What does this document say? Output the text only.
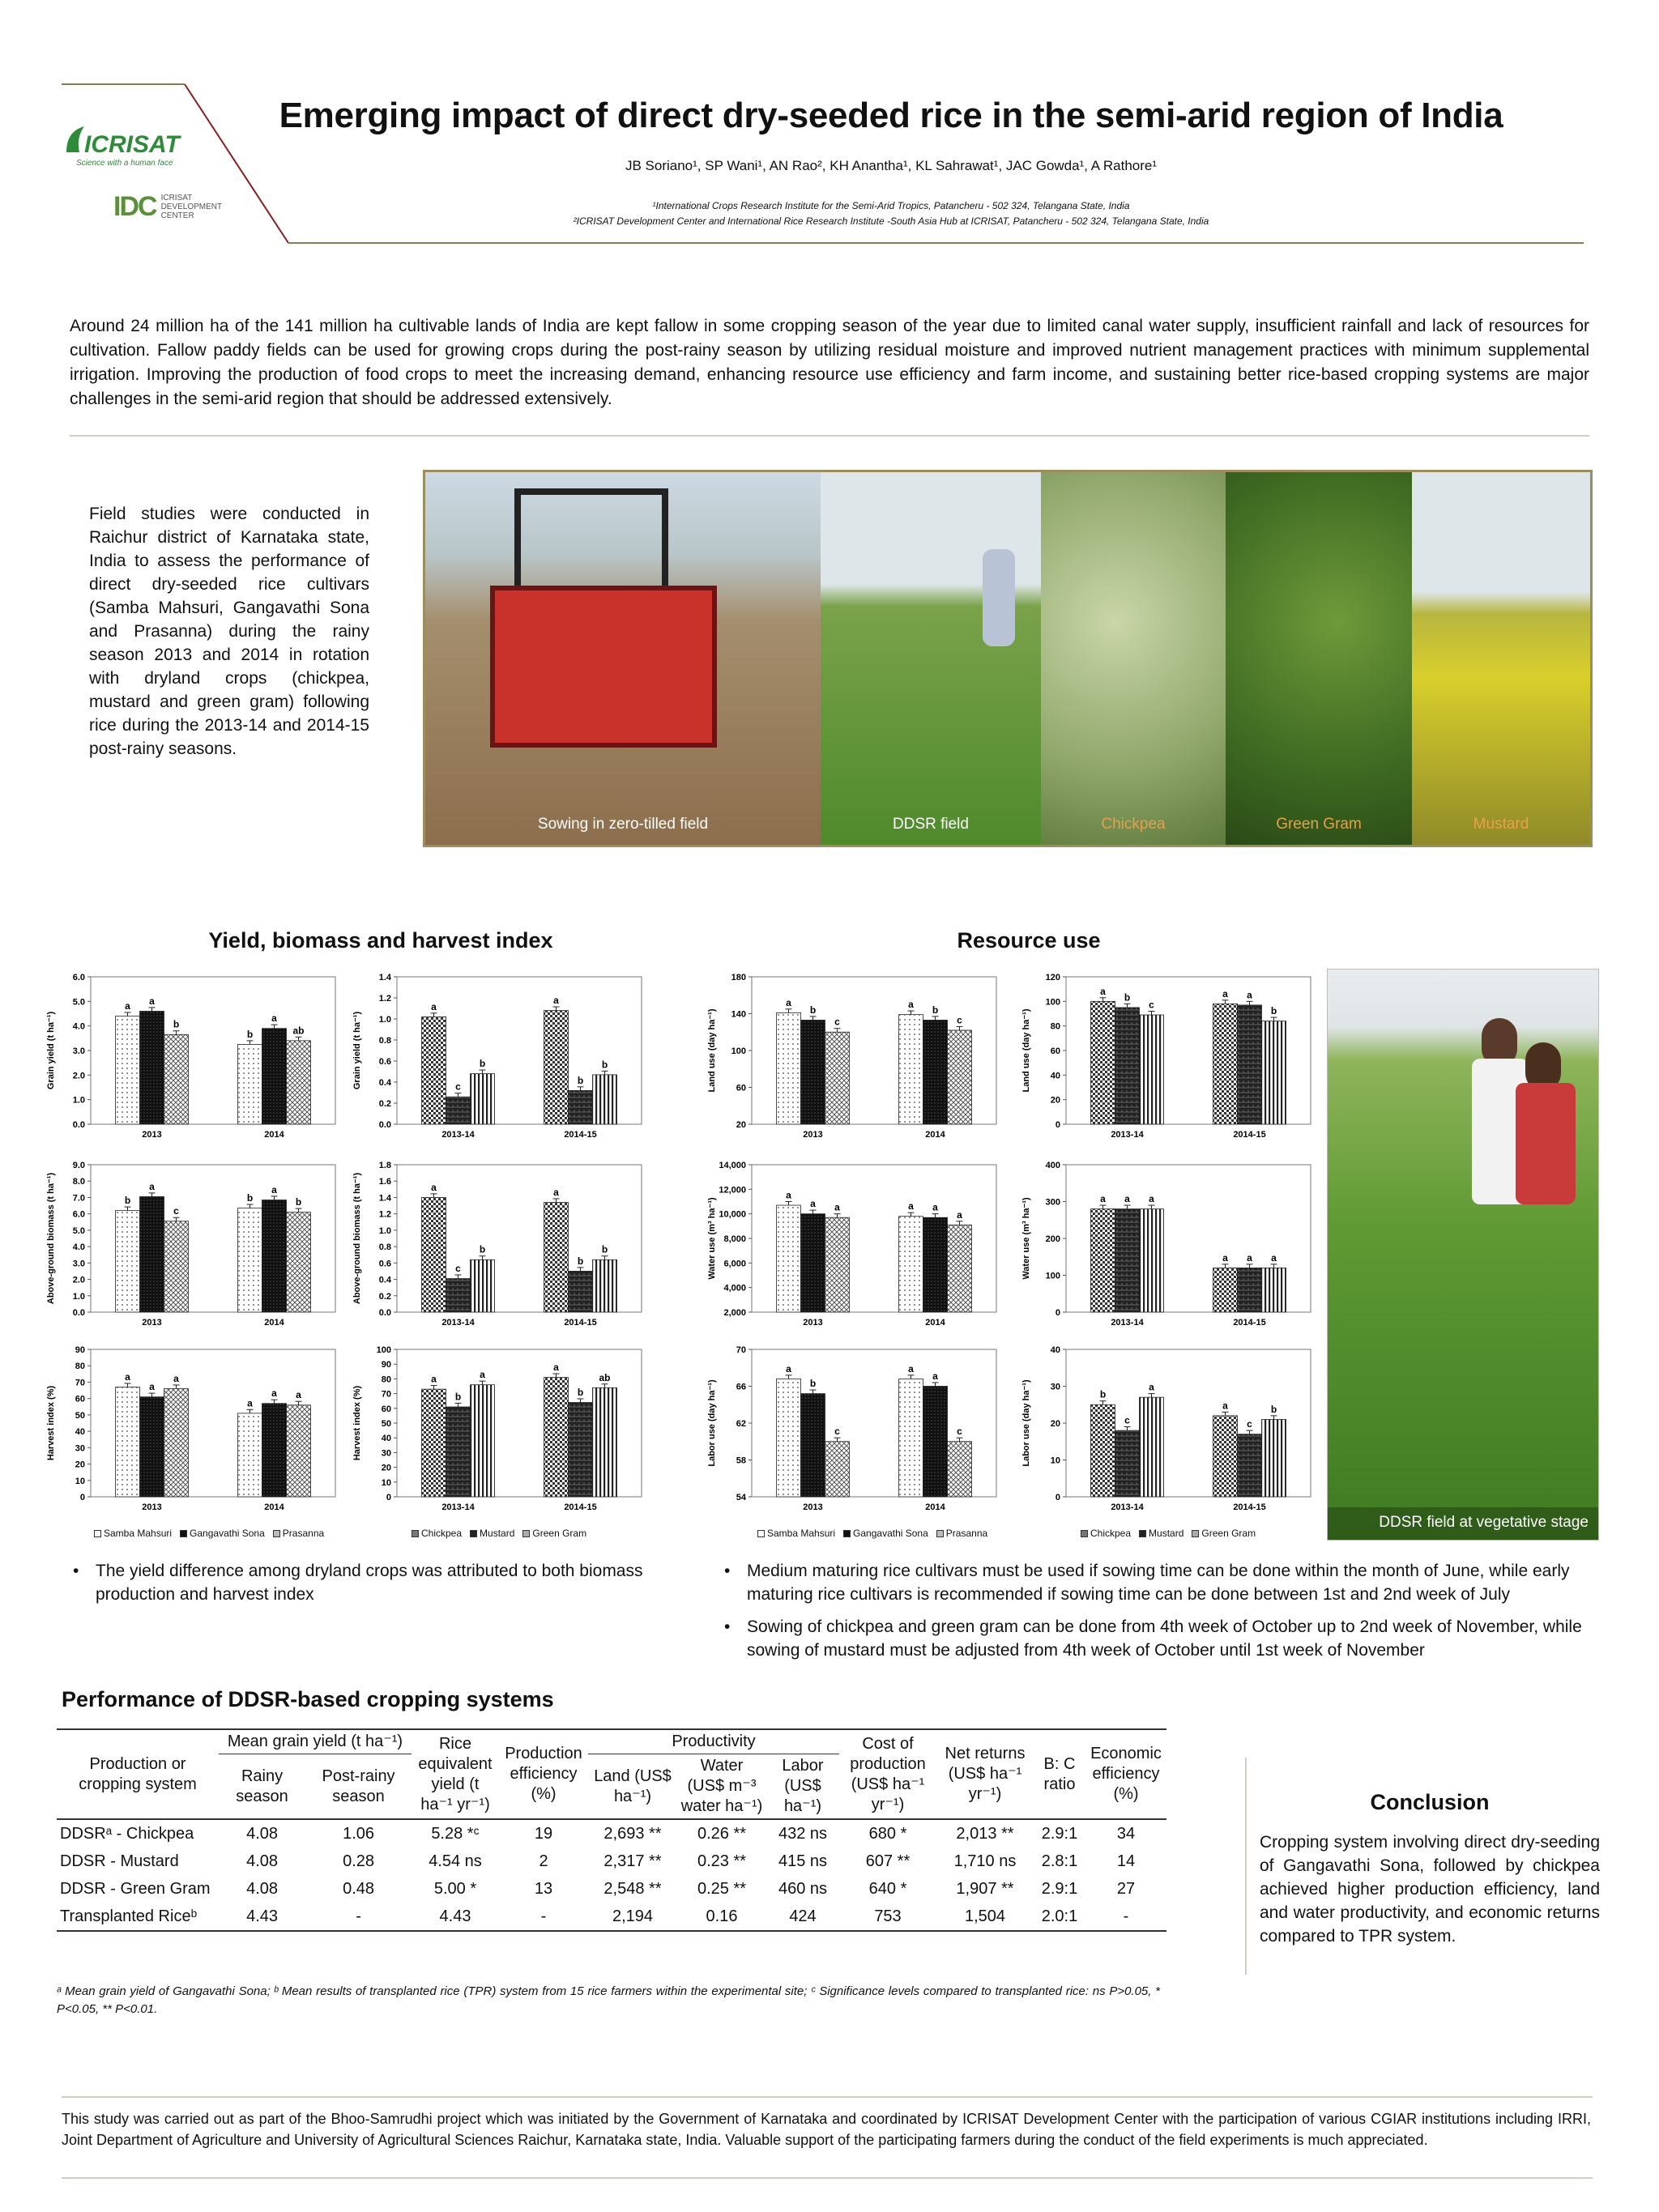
ICRISAT
Science with a human face
IDC ICRISAT
DEVELOPMENT
CENTER
Emerging impact of direct dry-seeded rice in the semi-arid region of India
JB Soriano¹, SP Wani¹, AN Rao², KH Anantha¹, KL Sahrawat¹, JAC Gowda¹, A Rathore¹
¹International Crops Research Institute for the Semi-Arid Tropics, Patancheru - 502 324, Telangana State, India
²ICRISAT Development Center and International Rice Research Institute -South Asia Hub at ICRISAT, Patancheru - 502 324, Telangana State, India
Around 24 million ha of the 141 million ha cultivable lands of India are kept fallow in some cropping season of the year due to limited canal water supply, insufficient rainfall and lack of resources for cultivation. Fallow paddy fields can be used for growing crops during the post-rainy season by utilizing residual moisture and improved nutrient management practices with minimum supplemental irrigation. Improving the production of food crops to meet the increasing demand, enhancing resource use efficiency and farm income, and sustaining better rice-based cropping systems are major challenges in the semi-arid region that should be addressed extensively.
Field studies were conducted in Raichur district of Karnataka state, India to assess the performance of direct dry-seeded rice cultivars (Samba Mahsuri, Gangavathi Sona and Prasanna) during the rainy season 2013 and 2014 in rotation with dryland crops (chickpea, mustard and green gram) following rice during the 2013-14 and 2014-15 post-rainy seasons.
Sowing in zero-tilled field	DDSR field	Chickpea	Green Gram	Mustard
Yield, biomass and harvest index	Resource use
Grain yield (t ha⁻¹)
0.0
1.0
2.0
3.0
4.0
5.0
6.0
2013
a a
b
2014
b
a
ab	Grain yield (t ha⁻¹)
0.0
0.2
0.4
0.6
0.8
1.0
1.2
1.4
2013-14
a
c
b
2014-15
a
b
b
Above-ground biomass (t ha⁻¹)
0.0
1.0
2.0
3.0
4.0
5.0
6.0
7.0
8.0
9.0
2013
b
a
c
2014
b
a
b	Above-ground biomass (t ha⁻¹)
0.0
0.2
0.4
0.6
0.8
1.0
1.2
1.4
1.6
1.8
2013-14
a
c
b
2014-15
a
b
b
Harvest index (%)
0
10
20
30
40
50
60
70
80
90
2013
a
a
a
2014
a
a a	Harvest index (%)
0
10
20
30
40
50
60
70
80
90
100
2013-14
a
b
a
2014-15
a
b
ab
Land use (day ha⁻¹)
20
60
100
140
180
2013
a
b
c
2014
a b
c	Land use (day ha⁻¹)
0
20
40
60
80
100
120
2013-14
a
b
c
2014-15
a a
b
Water use (m³ ha⁻¹)
2,000
4,000
6,000
8,000
10,000
12,000
14,000
2013
a
a a
2014
a a
a	Water use (m³ ha⁻¹)
0
100
200
300
400
2013-14
a a a
2014-15
a a a
Labor use (day ha⁻¹)
54
58
62
66
70
2013
a
b
c
2014
a
a
c	Labor use (day ha⁻¹)
0
10
20
30
40
2013-14
b
c
a
2014-15
a
c
b
Samba Mahsuri	Gangavathi Sona	Prasanna	Chickpea	Mustard	Green Gram	Samba Mahsuri	Gangavathi Sona	Prasanna	Chickpea	Mustard	Green Gram
DDSR field at vegetative stage
• The yield difference among dryland crops was attributed to both biomass production and harvest index
• Medium maturing rice cultivars must be used if sowing time can be done within the month of June, while early maturing rice cultivars is recommended if sowing time can be done between 1st and 2nd week of July
• Sowing of chickpea and green gram can be done from 4th week of October up to 2nd week of November, while sowing of mustard must be adjusted from 4th week of October until 1st week of November
Performance of DDSR-based cropping systems
Production or cropping system	Mean grain yield (t ha⁻¹)		Rice equivalent yield (t ha⁻¹ yr⁻¹)	Production efficiency (%)	Productivity			Cost of production (US$ ha⁻¹ yr⁻¹)	Net returns (US$ ha⁻¹ yr⁻¹)	B: C ratio	Economic efficiency (%)
	Rainy season	Post-rainy season			Land (US$ ha⁻¹)	Water (US$ m⁻³ water ha⁻¹)	Labor (US$ ha⁻¹)				
DDSRᵃ - Chickpea	4.08	1.06	5.28 *ᶜ	19	2,693 **	0.26 **	432 ns	680 *	2,013 **	2.9:1	34
DDSR - Mustard	4.08	0.28	4.54 ns	2	2,317 **	0.23 **	415 ns	607 **	1,710 ns	2.8:1	14
DDSR - Green Gram	4.08	0.48	5.00 *	13	2,548 **	0.25 **	460 ns	640 *	1,907 **	2.9:1	27
Transplanted Riceᵇ	4.43	-	4.43	-	2,194	0.16	424	753	1,504	2.0:1	-
ᵃ Mean grain yield of Gangavathi Sona; ᵇ Mean results of transplanted rice (TPR) system from 15 rice farmers within the experimental site; ᶜ Significance levels compared to transplanted rice: ns P>0.05, * P<0.05, ** P<0.01.
Conclusion
Cropping system involving direct dry-seeding of Gangavathi Sona, followed by chickpea achieved higher production efficiency, land and water productivity, and economic returns compared to TPR system.
This study was carried out as part of the Bhoo-Samrudhi project which was initiated by the Government of Karnataka and coordinated by ICRISAT Development Center with the participation of various CGIAR institutions including IRRI, Joint Department of Agriculture and University of Agricultural Sciences Raichur, Karnataka state, India. Valuable support of the participating farmers during the conduct of the field experiments is much appreciated.
